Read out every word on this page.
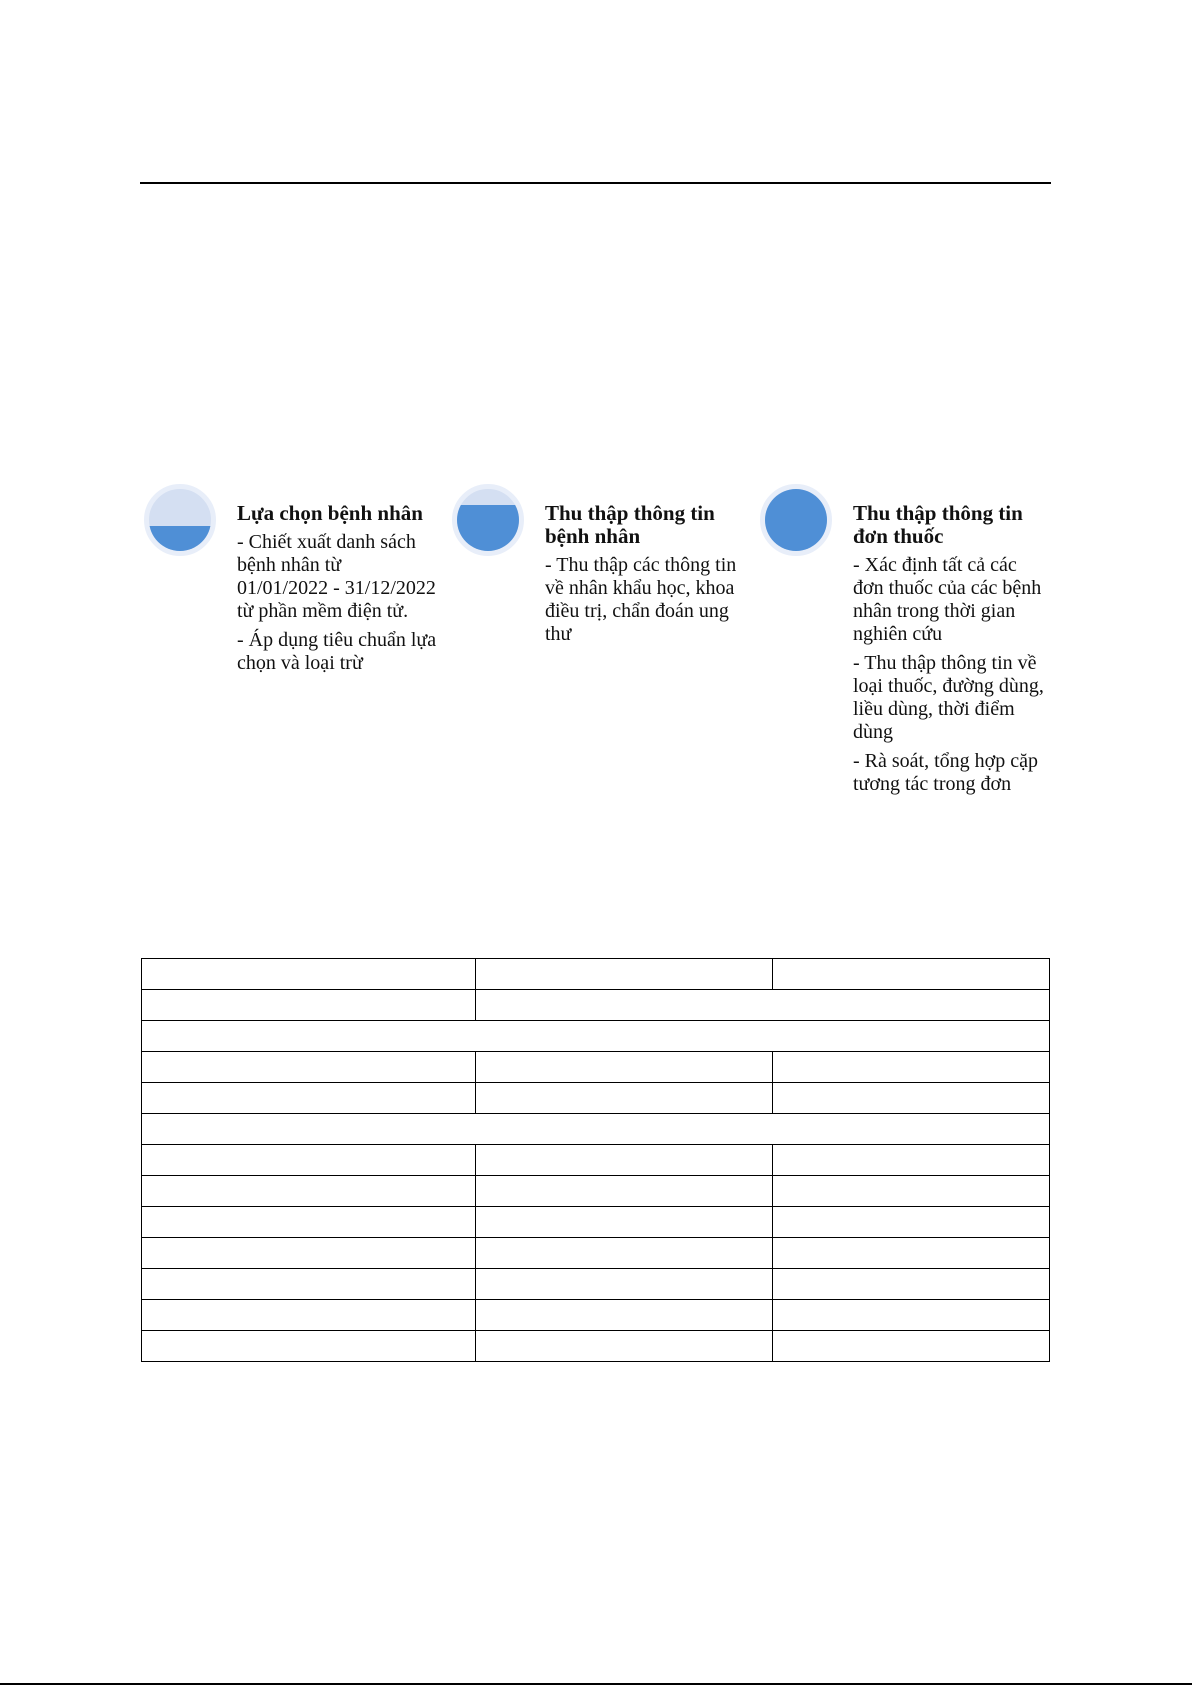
Lựa chọn bệnh nhân

- Chiết xuất danh sách bệnh nhân từ 01/01/2022 - 31/12/2022 từ phần mềm điện tử.

- Áp dụng tiêu chuẩn lựa chọn và loại trừ

Thu thập thông tin bệnh nhân

- Thu thập các thông tin về nhân khẩu học, khoa điều trị, chẩn đoán ung thư

Thu thập thông tin đơn thuốc

- Xác định tất cả các đơn thuốc của các bệnh nhân trong thời gian nghiên cứu

- Thu thập thông tin về loại thuốc, đường dùng, liều dùng, thời điểm dùng

- Rà soát, tổng hợp cặp tương tác trong đơn
